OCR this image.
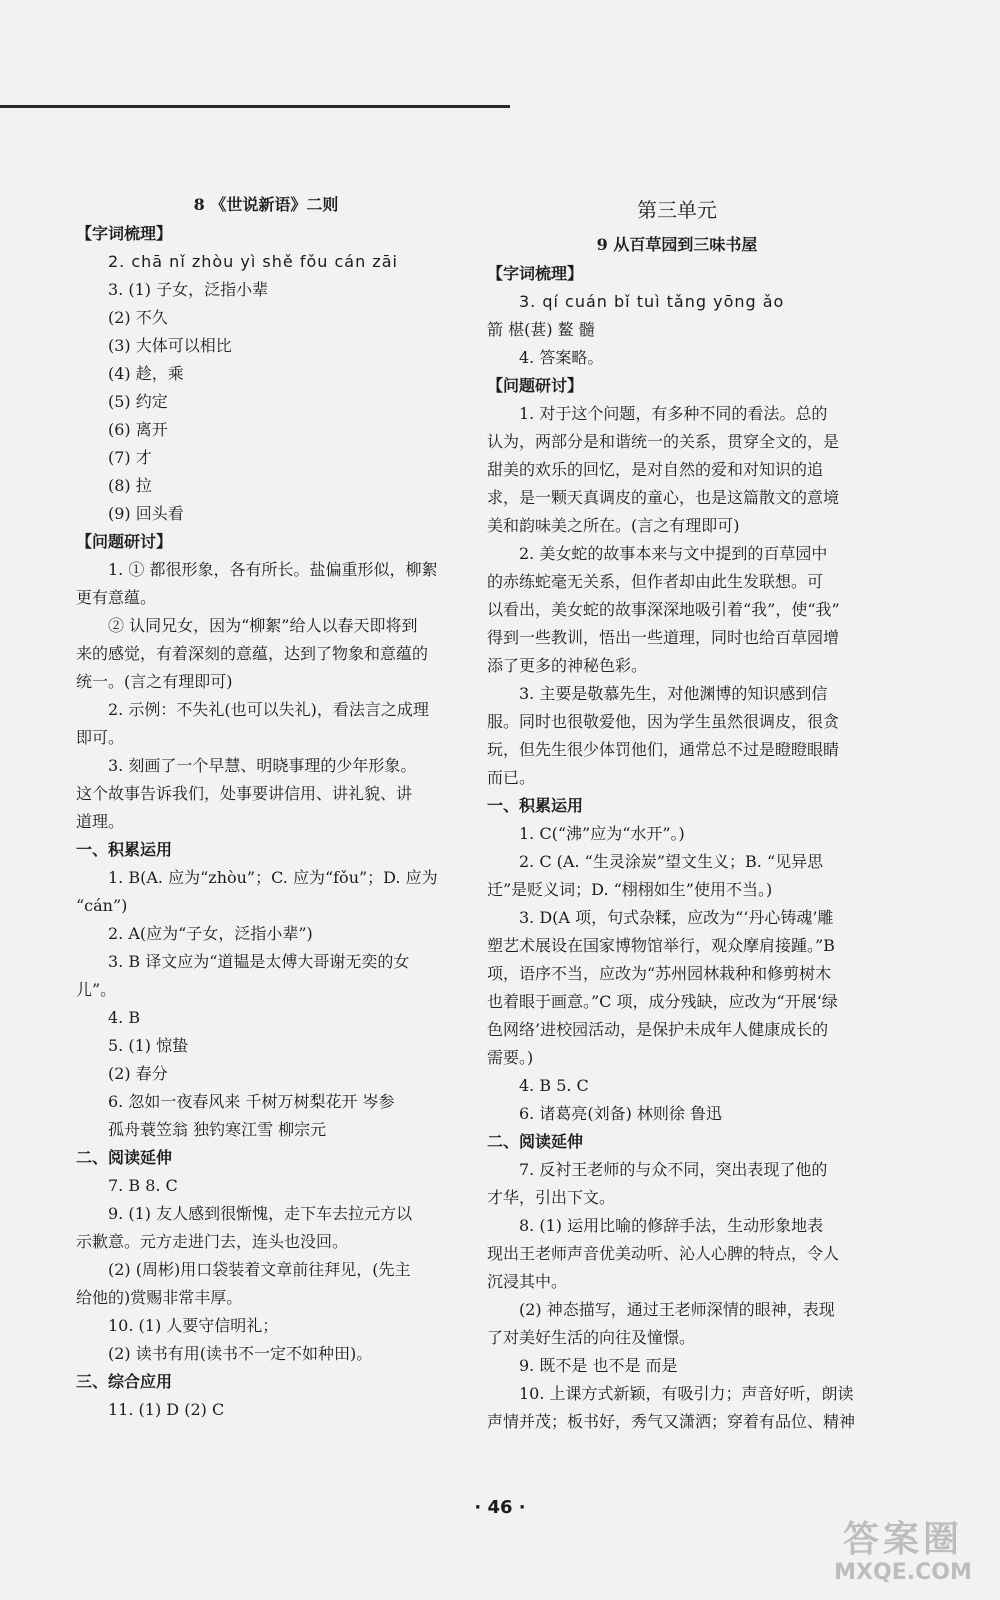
8 《世说新语》二则
【字词梳理】
2. chā nǐ zhòu yì shě fǒu cán zāi
3. (1) 子女，泛指小辈
(2) 不久
(3) 大体可以相比
(4) 趁，乘
(5) 约定
(6) 离开
(7) 才
(8) 拉
(9) 回头看
【问题研讨】
1. ① 都很形象，各有所长。盐偏重形似，柳絮
更有意蕴。
② 认同兄女，因为“柳絮”给人以春天即将到
来的感觉，有着深刻的意蕴，达到了物象和意蕴的
统一。(言之有理即可)
2. 示例：不失礼(也可以失礼)，看法言之成理
即可。
3. 刻画了一个早慧、明晓事理的少年形象。
这个故事告诉我们，处事要讲信用、讲礼貌、讲
道理。
一、积累运用
1. B(A. 应为“zhòu”；C. 应为“fǒu”；D. 应为
“cán”)
2. A(应为“子女，泛指小辈”)
3. B 译文应为“道韫是太傅大哥谢无奕的女
儿”。
4. B
5. (1) 惊蛰
(2) 春分
6. 忽如一夜春风来 千树万树梨花开 岑参
孤舟蓑笠翁 独钓寒江雪 柳宗元
二、阅读延伸
7. B 8. C
9. (1) 友人感到很惭愧，走下车去拉元方以
示歉意。元方走进门去，连头也没回。
(2) (周彬)用口袋装着文章前往拜见，(先主
给他的)赏赐非常丰厚。
10. (1) 人要守信明礼；
(2) 读书有用(读书不一定不如种田)。
三、综合应用
11. (1) D (2) C
第三单元
9 从百草园到三味书屋
【字词梳理】
3. qí cuán bǐ tuì tǎng yōng ǎo
箭 椹(葚) 鳌 髓
4. 答案略。
【问题研讨】
1. 对于这个问题，有多种不同的看法。总的
认为，两部分是和谐统一的关系，贯穿全文的，是
甜美的欢乐的回忆，是对自然的爱和对知识的追
求，是一颗天真调皮的童心，也是这篇散文的意境
美和韵味美之所在。(言之有理即可)
2. 美女蛇的故事本来与文中提到的百草园中
的赤练蛇毫无关系，但作者却由此生发联想。可
以看出，美女蛇的故事深深地吸引着“我”，使“我”
得到一些教训，悟出一些道理，同时也给百草园增
添了更多的神秘色彩。
3. 主要是敬慕先生，对他渊博的知识感到信
服。同时也很敬爱他，因为学生虽然很调皮，很贪
玩，但先生很少体罚他们，通常总不过是瞪瞪眼睛
而已。
一、积累运用
1. C(“沸”应为“水开”。)
2. C (A. “生灵涂炭”望文生义；B. “见异思
迁”是贬义词；D. “栩栩如生”使用不当。)
3. D(A 项，句式杂糅，应改为“‘丹心铸魂’雕
塑艺术展设在国家博物馆举行，观众摩肩接踵。”B
项，语序不当，应改为“苏州园林栽种和修剪树木
也着眼于画意。”C 项，成分残缺，应改为“开展‘绿
色网络’进校园活动，是保护未成年人健康成长的
需要。)
4. B 5. C
6. 诸葛亮(刘备) 林则徐 鲁迅
二、阅读延伸
7. 反衬王老师的与众不同，突出表现了他的
才华，引出下文。
8. (1) 运用比喻的修辞手法，生动形象地表
现出王老师声音优美动听、沁人心脾的特点，令人
沉浸其中。
(2) 神态描写，通过王老师深情的眼神，表现
了对美好生活的向往及憧憬。
9. 既不是 也不是 而是
10. 上课方式新颖，有吸引力；声音好听，朗读
声情并茂；板书好，秀气又潇洒；穿着有品位、精神
· 46 ·
答案圈
MXQE.COM
